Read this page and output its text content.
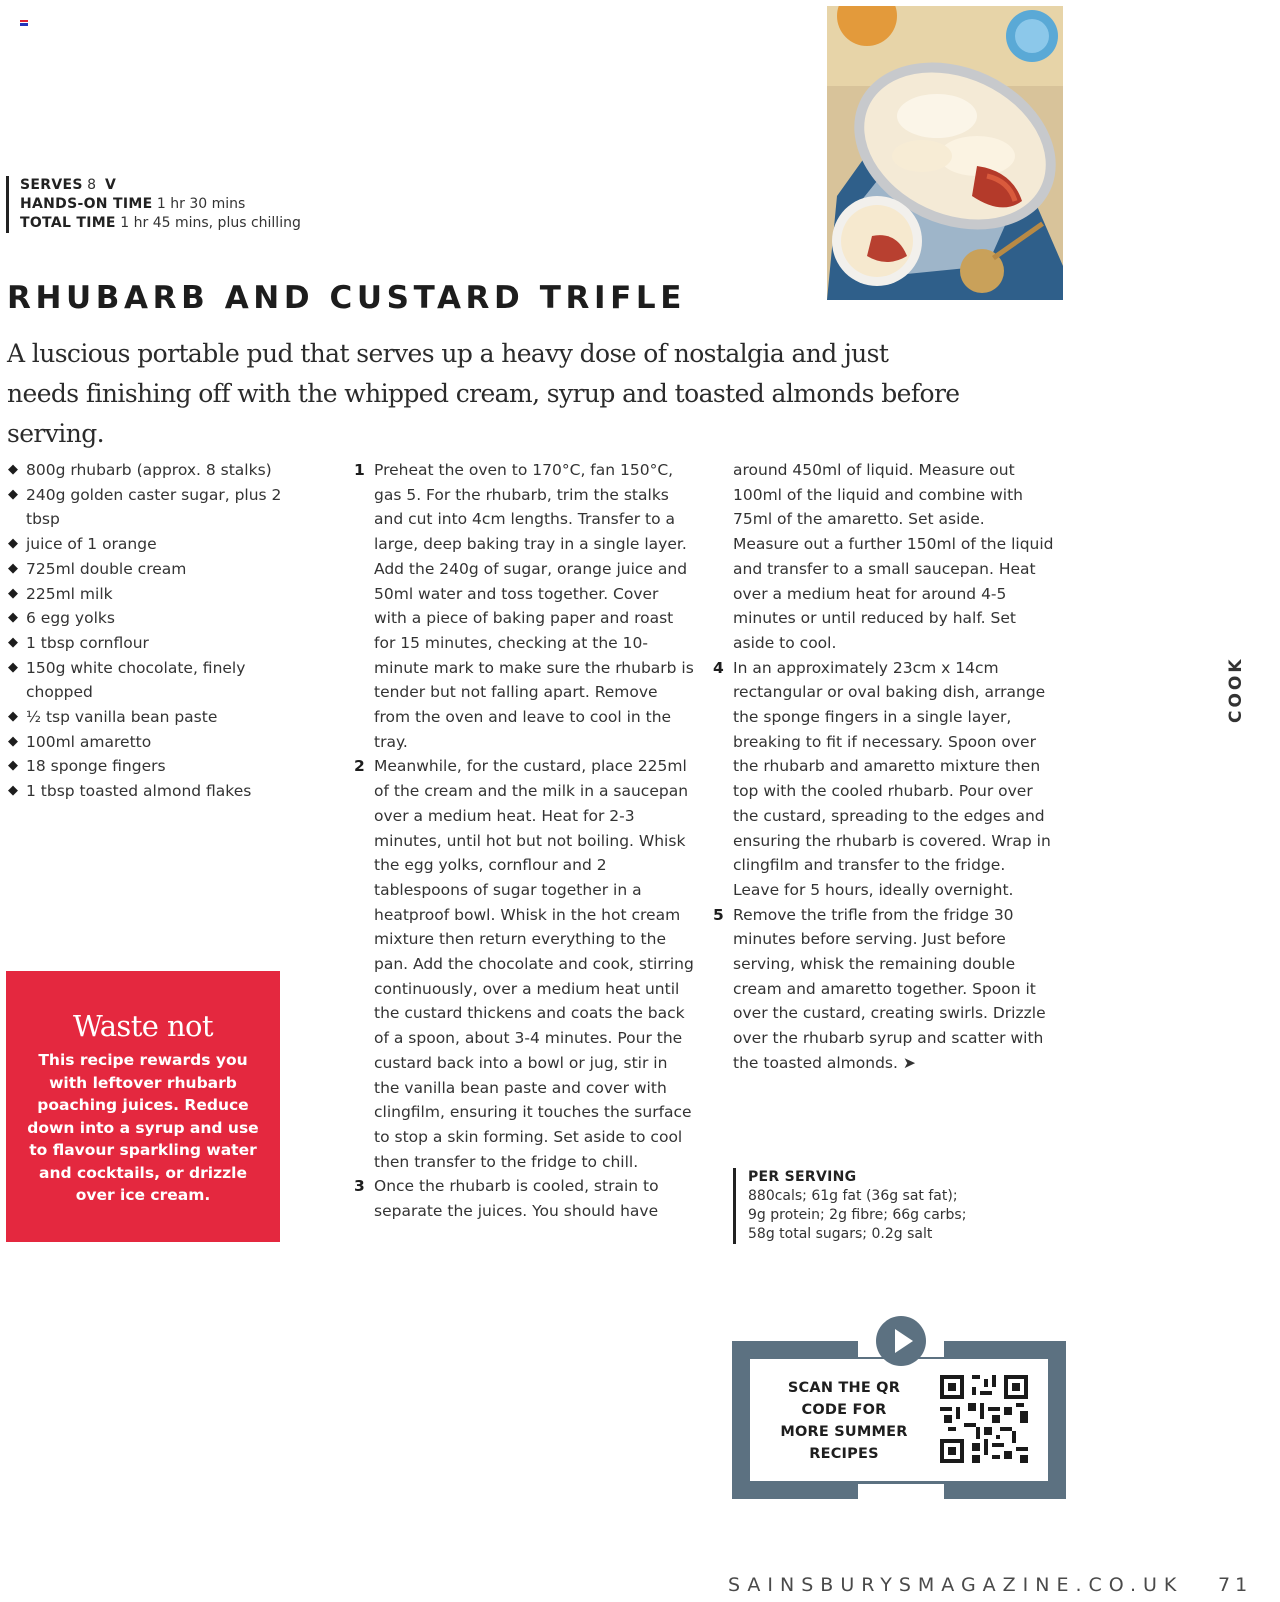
SERVES 8 V
HANDS-ON TIME 1 hr 30 mins
TOTAL TIME 1 hr 45 mins, plus chilling
RHUBARB AND CUSTARD TRIFLE

A luscious portable pud that serves up a heavy dose of nostalgia and just needs finishing off with the whipped cream, syrup and toasted almonds before serving.

◆ 800g rhubarb (approx. 8 stalks)
◆ 240g golden caster sugar, plus 2 tbsp
◆ juice of 1 orange
◆ 725ml double cream
◆ 225ml milk
◆ 6 egg yolks
◆ 1 tbsp cornflour
◆ 150g white chocolate, finely chopped
◆ ½ tsp vanilla bean paste
◆ 100ml amaretto
◆ 18 sponge fingers
◆ 1 tbsp toasted almond flakes

1 Preheat the oven to 170°C, fan 150°C, gas 5. For the rhubarb, trim the stalks and cut into 4cm lengths. Transfer to a large, deep baking tray in a single layer. Add the 240g of sugar, orange juice and 50ml water and toss together. Cover with a piece of baking paper and roast for 15 minutes, checking at the 10-minute mark to make sure the rhubarb is tender but not falling apart. Remove from the oven and leave to cool in the tray.

2 Meanwhile, for the custard, place 225ml of the cream and the milk in a saucepan over a medium heat. Heat for 2-3 minutes, until hot but not boiling. Whisk the egg yolks, cornflour and 2 tablespoons of sugar together in a heatproof bowl. Whisk in the hot cream mixture then return everything to the pan. Add the chocolate and cook, stirring continuously, over a medium heat until the custard thickens and coats the back of a spoon, about 3-4 minutes. Pour the custard back into a bowl or jug, stir in the vanilla bean paste and cover with clingfilm, ensuring it touches the surface to stop a skin forming. Set aside to cool then transfer to the fridge to chill.

3 Once the rhubarb is cooled, strain to separate the juices. You should have

around 450ml of liquid. Measure out 100ml of the liquid and combine with 75ml of the amaretto. Set aside. Measure out a further 150ml of the liquid and transfer to a small saucepan. Heat over a medium heat for around 4-5 minutes or until reduced by half. Set aside to cool.

4 In an approximately 23cm x 14cm rectangular or oval baking dish, arrange the sponge fingers in a single layer, breaking to fit if necessary. Spoon over the rhubarb and amaretto mixture then top with the cooled rhubarb. Pour over the custard, spreading to the edges and ensuring the rhubarb is covered. Wrap in clingfilm and transfer to the fridge. Leave for 5 hours, ideally overnight.

5 Remove the trifle from the fridge 30 minutes before serving. Just before serving, whisk the remaining double cream and amaretto together. Spoon it over the custard, creating swirls. Drizzle over the rhubarb syrup and scatter with the toasted almonds. ➤

Waste not

This recipe rewards you with leftover rhubarb poaching juices. Reduce down into a syrup and use to flavour sparkling water and cocktails, or drizzle over ice cream.

COOK
PER SERVING
880cals; 61g fat (36g sat fat);
9g protein; 2g fibre; 66g carbs;
58g total sugars; 0.2g salt
SCAN THE QR CODE FOR MORE SUMMER RECIPES
SAINSBURYSMAGAZINE.CO.UK 71
